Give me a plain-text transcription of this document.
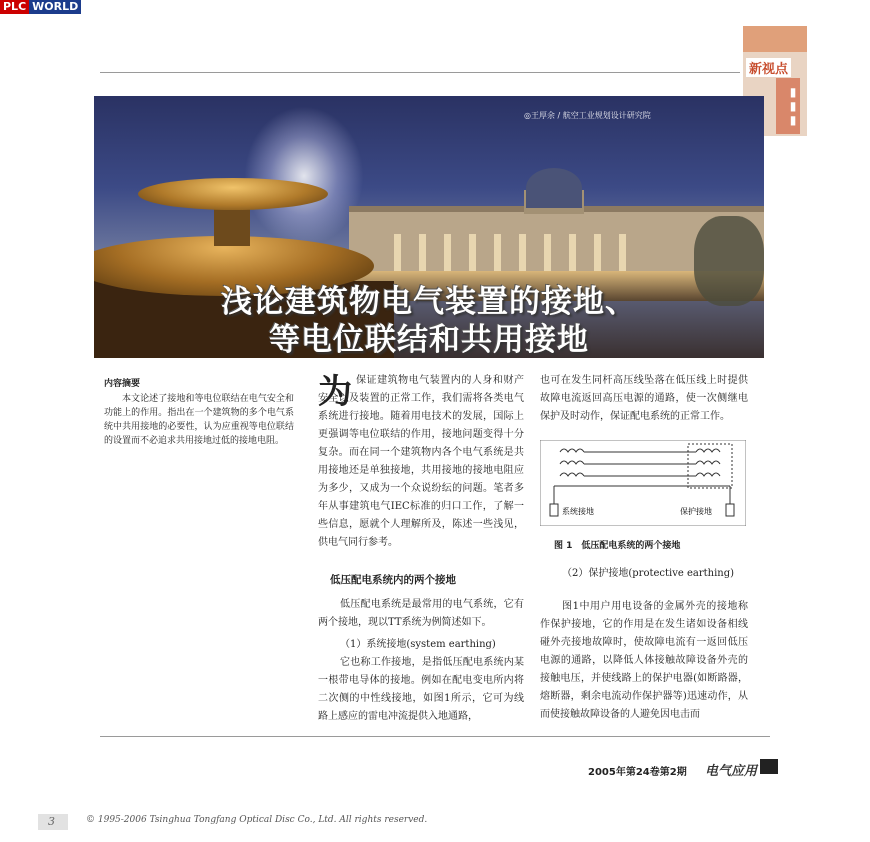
PLC WORLD
新视点
▮▮▮
◎王厚余 / 航空工业规划设计研究院
浅论建筑物电气装置的接地、
等电位联结和共用接地
内容摘要
本文论述了接地和等电位联结在电气安全和功能上的作用。指出在一个建筑物的多个电气系统中共用接地的必要性，认为应重视等电位联结的设置而不必追求共用接地过低的接地电阻。
为 保证建筑物电气装置内的人身和财产安全以及装置的正常工作，我们需将各类电气系统进行接地。随着用电技术的发展，国际上更强调等电位联结的作用，接地问题变得十分复杂。而在同一个建筑物内各个电气系统是共用接地还是单独接地，共用接地的接地电阻应为多少，又成为一个众说纷纭的问题。笔者多年从事建筑电气IEC标准的归口工作，了解一些信息，愿就个人理解所及，陈述一些浅见，供电气同行参考。
低压配电系统内的两个接地
低压配电系统是最常用的电气系统，它有两个接地，现以TT系统为例简述如下。
（1）系统接地(system earthing)
它也称工作接地，是指低压配电系统内某一根带电导体的接地。例如在配电变电所内将二次侧的中性线接地，如图1所示，它可为线路上感应的雷电冲流提供入地通路，
也可在发生同杆高压线坠落在低压线上时提供故障电流返回高压电源的通路，使一次侧继电保护及时动作，保证配电系统的正常工作。
系统接地	保护接地
图 1　低压配电系统的两个接地
（2）保护接地(protective earthing)
图1中用户用电设备的金属外壳的接地称作保护接地，它的作用是在发生诸如设备相线碰外壳接地故障时，使故障电流有一返回低压电源的通路，以降低人体接触故障设备外壳的接触电压，并使线路上的保护电器(如断路器，熔断器，剩余电流动作保护器等)迅速动作，从而使接触故障设备的人避免因电击而
2005年第24卷第2期 电气应用
3	© 1995-2006 Tsinghua Tongfang Optical Disc Co., Ltd. All rights reserved.
